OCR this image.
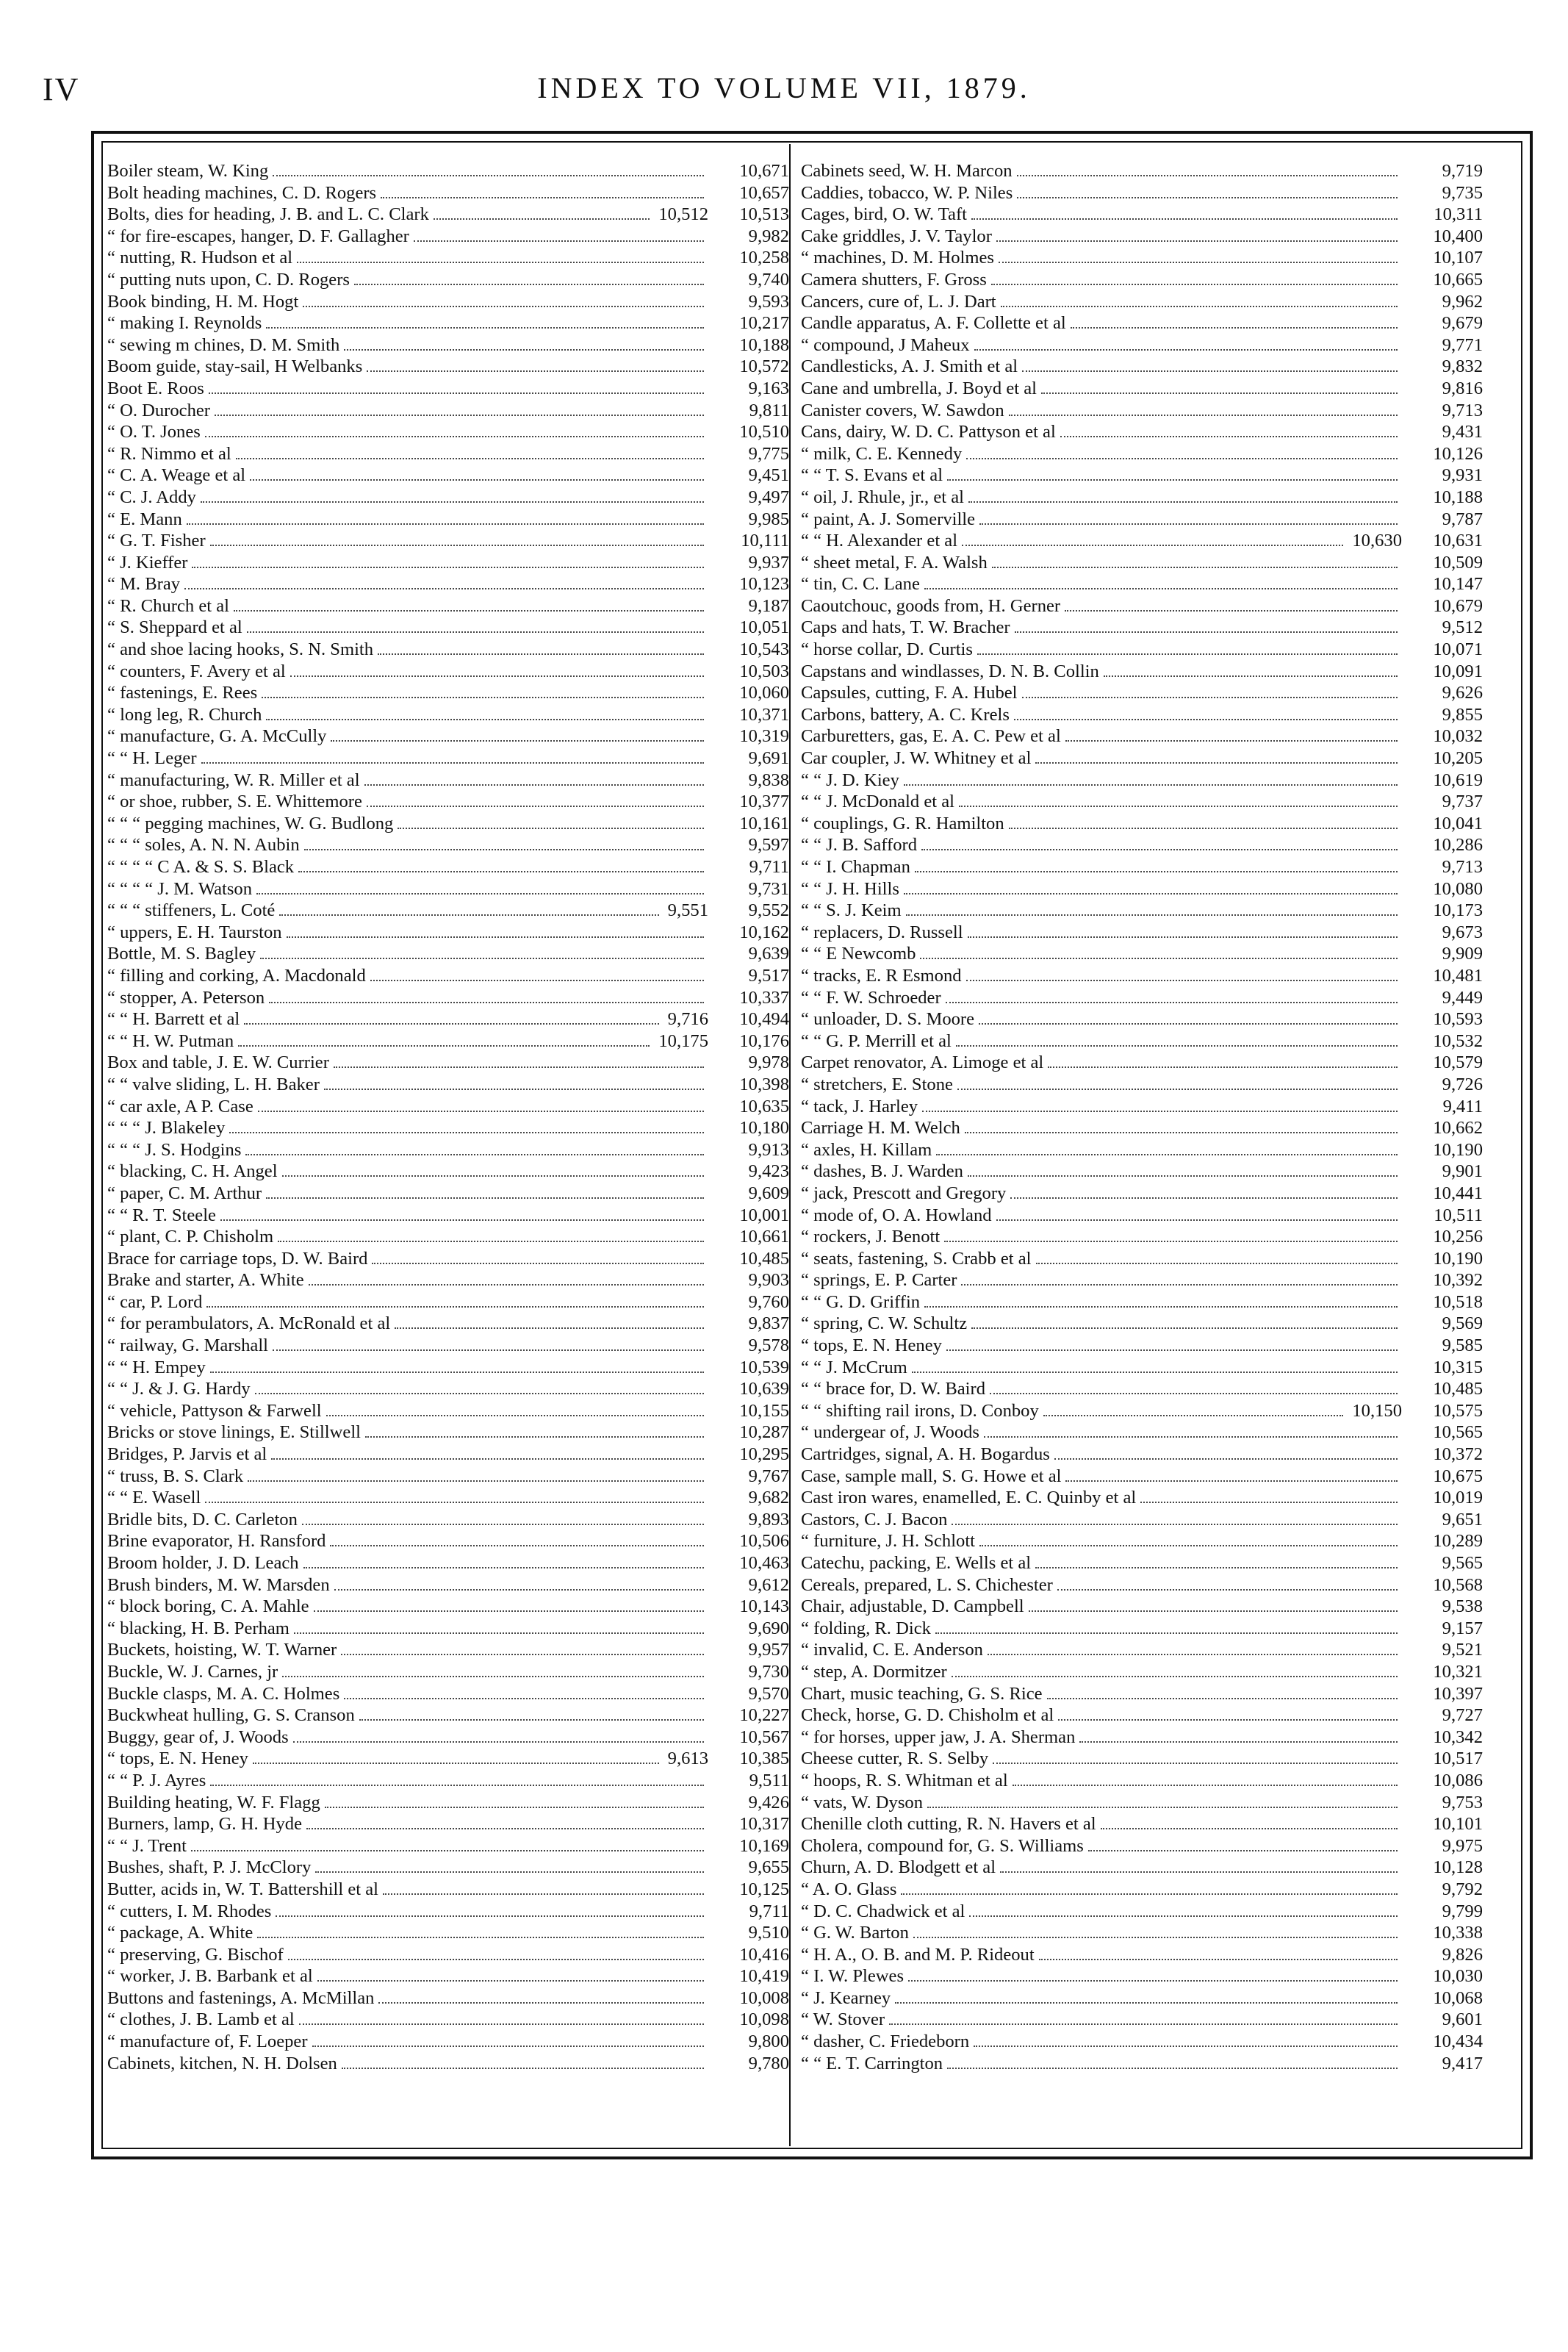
IV	INDEX TO VOLUME VII, 1879.
Boiler steam, W. King	10,671
Bolt heading machines, C. D. Rogers	10,657
Bolts, dies for heading, J. B. and L. C. Clark	10,512	10,513
“ for fire-escapes, hanger, D. F. Gallagher	9,982
“ nutting, R. Hudson et al	10,258
“ putting nuts upon, C. D. Rogers	9,740
Book binding, H. M. Hogt	9,593
“ making I. Reynolds	10,217
“ sewing m chines, D. M. Smith	10,188
Boom guide, stay-sail, H Welbanks	10,572
Boot E. Roos	9,163
“ O. Durocher	9,811
“ O. T. Jones	10,510
“ R. Nimmo et al	9,775
“ C. A. Weage et al	9,451
“ C. J. Addy	9,497
“ E. Mann	9,985
“ G. T. Fisher	10,111
“ J. Kieffer	9,937
“ M. Bray	10,123
“ R. Church et al	9,187
“ S. Sheppard et al	10,051
“ and shoe lacing hooks, S. N. Smith	10,543
“ counters, F. Avery et al	10,503
“ fastenings, E. Rees	10,060
“ long leg, R. Church	10,371
“ manufacture, G. A. McCully	10,319
“ “ H. Leger	9,691
“ manufacturing, W. R. Miller et al	9,838
“ or shoe, rubber, S. E. Whittemore	10,377
“ “ “ pegging machines, W. G. Budlong	10,161
“ “ “ soles, A. N. N. Aubin	9,597
“ “ “ “ C A. & S. S. Black	9,711
“ “ “ “ J. M. Watson	9,731
“ “ “ stiffeners, L. Coté	9,551	9,552
“ uppers, E. H. Taurston	10,162
Bottle, M. S. Bagley	9,639
“ filling and corking, A. Macdonald	9,517
“ stopper, A. Peterson	10,337
“ “ H. Barrett et al	9,716	10,494
“ “ H. W. Putman	10,175	10,176
Box and table, J. E. W. Currier	9,978
“ “ valve sliding, L. H. Baker	10,398
“ car axle, A P. Case	10,635
“ “ “ J. Blakeley	10,180
“ “ “ J. S. Hodgins	9,913
“ blacking, C. H. Angel	9,423
“ paper, C. M. Arthur	9,609
“ “ R. T. Steele	10,001
“ plant, C. P. Chisholm	10,661
Brace for carriage tops, D. W. Baird	10,485
Brake and starter, A. White	9,903
“ car, P. Lord	9,760
“ for perambulators, A. McRonald et al	9,837
“ railway, G. Marshall	9,578
“ “ H. Empey	10,539
“ “ J. & J. G. Hardy	10,639
“ vehicle, Pattyson & Farwell	10,155
Bricks or stove linings, E. Stillwell	10,287
Bridges, P. Jarvis et al	10,295
“ truss, B. S. Clark	9,767
“ “ E. Wasell	9,682
Bridle bits, D. C. Carleton	9,893
Brine evaporator, H. Ransford	10,506
Broom holder, J. D. Leach	10,463
Brush binders, M. W. Marsden	9,612
“ block boring, C. A. Mahle	10,143
“ blacking, H. B. Perham	9,690
Buckets, hoisting, W. T. Warner	9,957
Buckle, W. J. Carnes, jr	9,730
Buckle clasps, M. A. C. Holmes	9,570
Buckwheat hulling, G. S. Cranson	10,227
Buggy, gear of, J. Woods	10,567
“ tops, E. N. Heney	9,613	10,385
“ “ P. J. Ayres	9,511
Building heating, W. F. Flagg	9,426
Burners, lamp, G. H. Hyde	10,317
“ “ J. Trent	10,169
Bushes, shaft, P. J. McClory	9,655
Butter, acids in, W. T. Battershill et al	10,125
“ cutters, I. M. Rhodes	9,711
“ package, A. White	9,510
“ preserving, G. Bischof	10,416
“ worker, J. B. Barbank et al	10,419
Buttons and fastenings, A. McMillan	10,008
“ clothes, J. B. Lamb et al	10,098
“ manufacture of, F. Loeper	9,800
Cabinets, kitchen, N. H. Dolsen	9,780
Cabinets seed, W. H. Marcon	9,719
Caddies, tobacco, W. P. Niles	9,735
Cages, bird, O. W. Taft	10,311
Cake griddles, J. V. Taylor	10,400
“ machines, D. M. Holmes	10,107
Camera shutters, F. Gross	10,665
Cancers, cure of, L. J. Dart	9,962
Candle apparatus, A. F. Collette et al	9,679
“ compound, J Maheux	9,771
Candlesticks, A. J. Smith et al	9,832
Cane and umbrella, J. Boyd et al	9,816
Canister covers, W. Sawdon	9,713
Cans, dairy, W. D. C. Pattyson et al	9,431
“ milk, C. E. Kennedy	10,126
“ “ T. S. Evans et al	9,931
“ oil, J. Rhule, jr., et al	10,188
“ paint, A. J. Somerville	9,787
“ “ H. Alexander et al	10,630	10,631
“ sheet metal, F. A. Walsh	10,509
“ tin, C. C. Lane	10,147
Caoutchouc, goods from, H. Gerner	10,679
Caps and hats, T. W. Bracher	9,512
“ horse collar, D. Curtis	10,071
Capstans and windlasses, D. N. B. Collin	10,091
Capsules, cutting, F. A. Hubel	9,626
Carbons, battery, A. C. Krels	9,855
Carburetters, gas, E. A. C. Pew et al	10,032
Car coupler, J. W. Whitney et al	10,205
“ “ J. D. Kiey	10,619
“ “ J. McDonald et al	9,737
“ couplings, G. R. Hamilton	10,041
“ “ J. B. Safford	10,286
“ “ I. Chapman	9,713
“ “ J. H. Hills	10,080
“ “ S. J. Keim	10,173
“ replacers, D. Russell	9,673
“ “ E Newcomb	9,909
“ tracks, E. R Esmond	10,481
“ “ F. W. Schroeder	9,449
“ unloader, D. S. Moore	10,593
“ “ G. P. Merrill et al	10,532
Carpet renovator, A. Limoge et al	10,579
“ stretchers, E. Stone	9,726
“ tack, J. Harley	9,411
Carriage H. M. Welch	10,662
“ axles, H. Killam	10,190
“ dashes, B. J. Warden	9,901
“ jack, Prescott and Gregory	10,441
“ mode of, O. A. Howland	10,511
“ rockers, J. Benott	10,256
“ seats, fastening, S. Crabb et al	10,190
“ springs, E. P. Carter	10,392
“ “ G. D. Griffin	10,518
“ spring, C. W. Schultz	9,569
“ tops, E. N. Heney	9,585
“ “ J. McCrum	10,315
“ “ brace for, D. W. Baird	10,485
“ “ shifting rail irons, D. Conboy	10,150	10,575
“ undergear of, J. Woods	10,565
Cartridges, signal, A. H. Bogardus	10,372
Case, sample mall, S. G. Howe et al	10,675
Cast iron wares, enamelled, E. C. Quinby et al	10,019
Castors, C. J. Bacon	9,651
“ furniture, J. H. Schlott	10,289
Catechu, packing, E. Wells et al	9,565
Cereals, prepared, L. S. Chichester	10,568
Chair, adjustable, D. Campbell	9,538
“ folding, R. Dick	9,157
“ invalid, C. E. Anderson	9,521
“ step, A. Dormitzer	10,321
Chart, music teaching, G. S. Rice	10,397
Check, horse, G. D. Chisholm et al	9,727
“ for horses, upper jaw, J. A. Sherman	10,342
Cheese cutter, R. S. Selby	10,517
“ hoops, R. S. Whitman et al	10,086
“ vats, W. Dyson	9,753
Chenille cloth cutting, R. N. Havers et al	10,101
Cholera, compound for, G. S. Williams	9,975
Churn, A. D. Blodgett et al	10,128
“ A. O. Glass	9,792
“ D. C. Chadwick et al	9,799
“ G. W. Barton	10,338
“ H. A., O. B. and M. P. Rideout	9,826
“ I. W. Plewes	10,030
“ J. Kearney	10,068
“ W. Stover	9,601
“ dasher, C. Friedeborn	10,434
“ “ E. T. Carrington	9,417
